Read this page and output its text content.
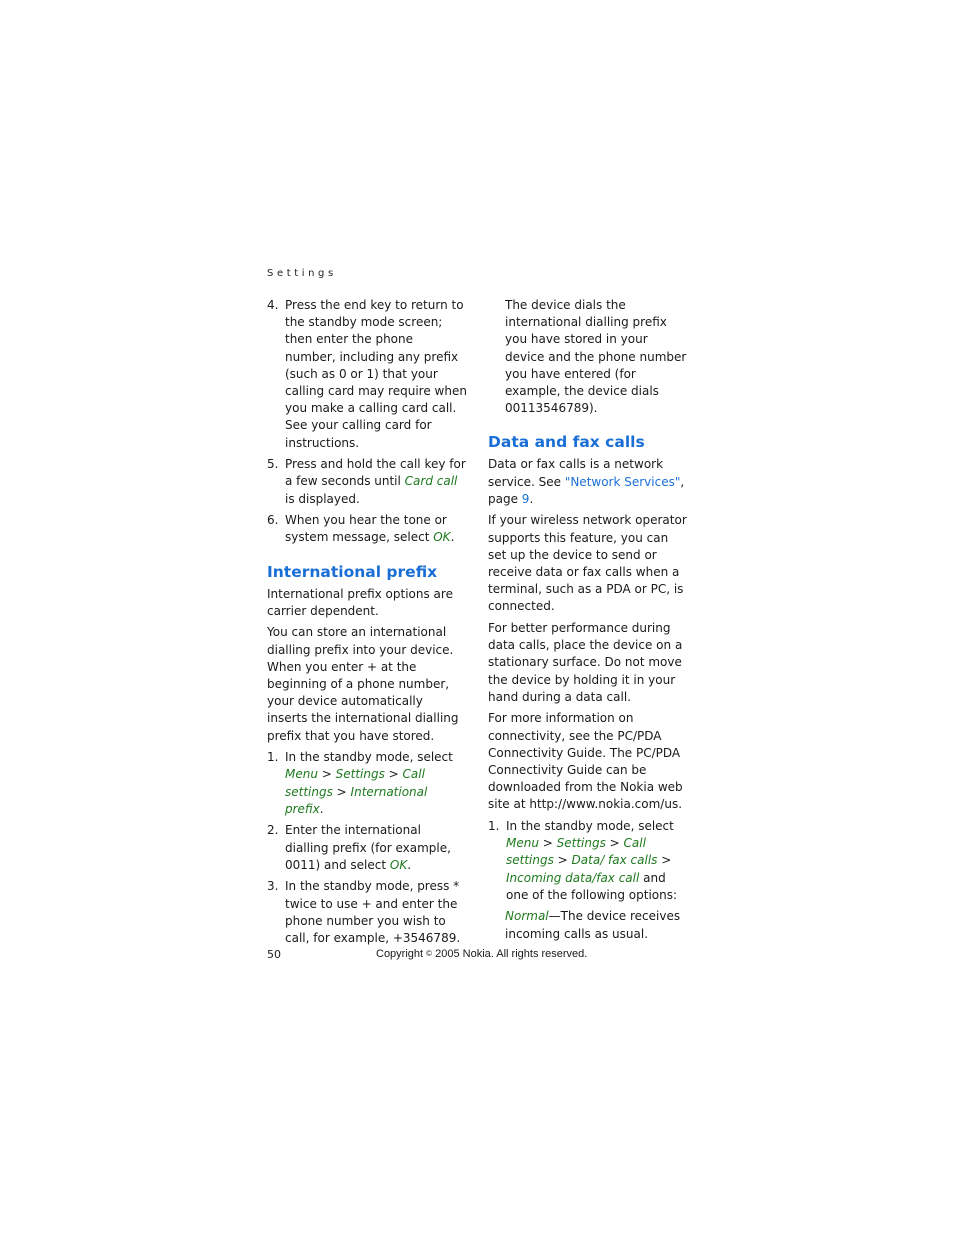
Settings
4. Press the end key to return to the standby mode screen; then enter the phone number, including any prefix (such as 0 or 1) that your calling card may require when you make a calling card call. See your calling card for instructions.
5. Press and hold the call key for a few seconds until Card call is displayed.
6. When you hear the tone or system message, select OK.
International prefix

International prefix options are carrier dependent.

You can store an international dialling prefix into your device. When you enter + at the beginning of a phone number, your device automatically inserts the international dialling prefix that you have stored.

1. In the standby mode, select Menu > Settings > Call settings > International prefix.
2. Enter the international dialling prefix (for example, 0011) and select OK.
3. In the standby mode, press * twice to use + and enter the phone number you wish to call, for example, +3546789.

The device dials the international dialling prefix you have stored in your device and the phone number you have entered (for example, the device dials 00113546789).

Data and fax calls

Data or fax calls is a network service. See "Network Services", page 9.

If your wireless network operator supports this feature, you can set up the device to send or receive data or fax calls when a terminal, such as a PDA or PC, is connected.

For better performance during data calls, place the device on a stationary surface. Do not move the device by holding it in your hand during a data call.

For more information on connectivity, see the PC/PDA Connectivity Guide. The PC/PDA Connectivity Guide can be downloaded from the Nokia web site at http://www.nokia.com/us.

1. In the standby mode, select Menu > Settings > Call settings > Data/ fax calls > Incoming data/fax call and one of the following options:

Normal—The device receives incoming calls as usual.

50	Copyright © 2005 Nokia. All rights reserved.
